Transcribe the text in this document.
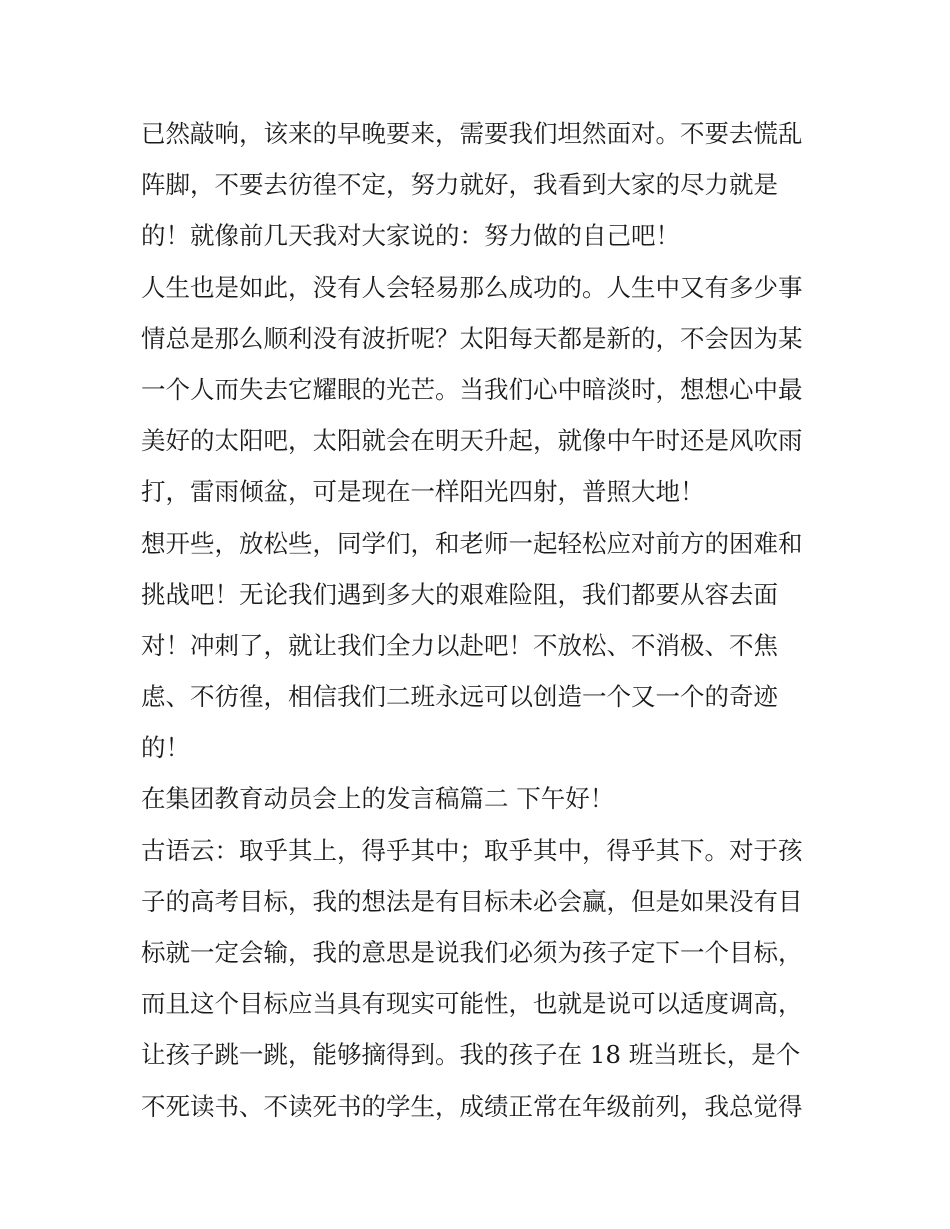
已然敲响，该来的早晚要来，需要我们坦然面对。不要去慌乱
阵脚，不要去彷徨不定，努力就好，我看到大家的尽力就是
的！就像前几天我对大家说的：努力做的自己吧！
人生也是如此，没有人会轻易那么成功的。人生中又有多少事
情总是那么顺利没有波折呢？太阳每天都是新的，不会因为某
一个人而失去它耀眼的光芒。当我们心中暗淡时，想想心中最
美好的太阳吧，太阳就会在明天升起，就像中午时还是风吹雨
打，雷雨倾盆，可是现在一样阳光四射，普照大地！
想开些，放松些，同学们，和老师一起轻松应对前方的困难和
挑战吧！无论我们遇到多大的艰难险阻，我们都要从容去面
对！冲刺了，就让我们全力以赴吧！不放松、不消极、不焦
虑、不彷徨，相信我们二班永远可以创造一个又一个的奇迹
的！
在集团教育动员会上的发言稿篇二 下午好！
古语云：取乎其上，得乎其中；取乎其中，得乎其下。对于孩
子的高考目标，我的想法是有目标未必会赢，但是如果没有目
标就一定会输，我的意思是说我们必须为孩子定下一个目标，
而且这个目标应当具有现实可能性，也就是说可以适度调高，
让孩子跳一跳，能够摘得到。我的孩子在 18 班当班长，是个
不死读书、不读死书的学生，成绩正常在年级前列，我总觉得
